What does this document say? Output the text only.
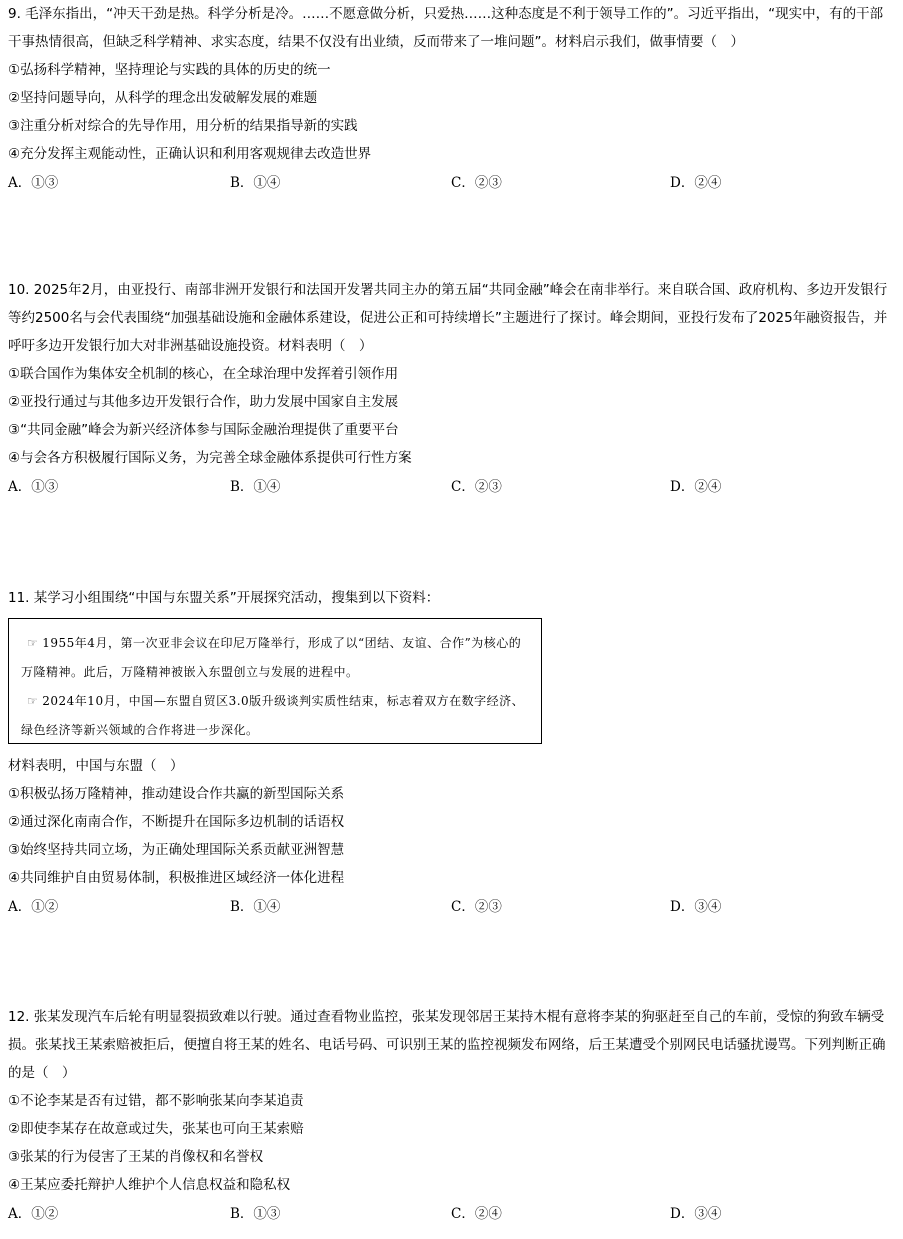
9. 毛泽东指出，“冲天干劲是热。科学分析是冷。……不愿意做分析，只爱热……这种态度是不利于领导工作的”。习近平指出，“现实中，有的干部干事热情很高，但缺乏科学精神、求实态度，结果不仅没有出业绩，反而带来了一堆问题”。材料启示我们，做事情要（　）

①弘扬科学精神，坚持理论与实践的具体的历史的统一

②坚持问题导向，从科学的理念出发破解发展的难题

③注重分析对综合的先导作用，用分析的结果指导新的实践

④充分发挥主观能动性，正确认识和利用客观规律去改造世界

A．①③	B．①④	C．②③	D．②④

10. 2025年2月，由亚投行、南部非洲开发银行和法国开发署共同主办的第五届“共同金融”峰会在南非举行。来自联合国、政府机构、多边开发银行等约2500名与会代表围绕“加强基础设施和金融体系建设，促进公正和可持续增长”主题进行了探讨。峰会期间，亚投行发布了2025年融资报告，并呼吁多边开发银行加大对非洲基础设施投资。材料表明（　）

①联合国作为集体安全机制的核心，在全球治理中发挥着引领作用

②亚投行通过与其他多边开发银行合作，助力发展中国家自主发展

③“共同金融”峰会为新兴经济体参与国际金融治理提供了重要平台

④与会各方积极履行国际义务，为完善全球金融体系提供可行性方案

A．①③	B．①④	C．②③	D．②④

11. 某学习小组围绕“中国与东盟关系”开展探究活动，搜集到以下资料：

☞ 1955年4月，第一次亚非会议在印尼万隆举行，形成了以“团结、友谊、合作”为核心的万隆精神。此后，万隆精神被嵌入东盟创立与发展的进程中。

☞ 2024年10月，中国—东盟自贸区3.0版升级谈判实质性结束，标志着双方在数字经济、绿色经济等新兴领域的合作将进一步深化。

材料表明，中国与东盟（　）

①积极弘扬万隆精神，推动建设合作共赢的新型国际关系

②通过深化南南合作，不断提升在国际多边机制的话语权

③始终坚持共同立场，为正确处理国际关系贡献亚洲智慧

④共同维护自由贸易体制，积极推进区域经济一体化进程

A．①②	B．①④	C．②③	D．③④

12. 张某发现汽车后轮有明显裂损致难以行驶。通过查看物业监控，张某发现邻居王某持木棍有意将李某的狗驱赶至自己的车前，受惊的狗致车辆受损。张某找王某索赔被拒后，便擅自将王某的姓名、电话号码、可识别王某的监控视频发布网络，后王某遭受个别网民电话骚扰谩骂。下列判断正确的是（　）

①不论李某是否有过错，都不影响张某向李某追责

②即使李某存在故意或过失，张某也可向王某索赔

③张某的行为侵害了王某的肖像权和名誉权

④王某应委托辩护人维护个人信息权益和隐私权

A．①②	B．①③	C．②④	D．③④
